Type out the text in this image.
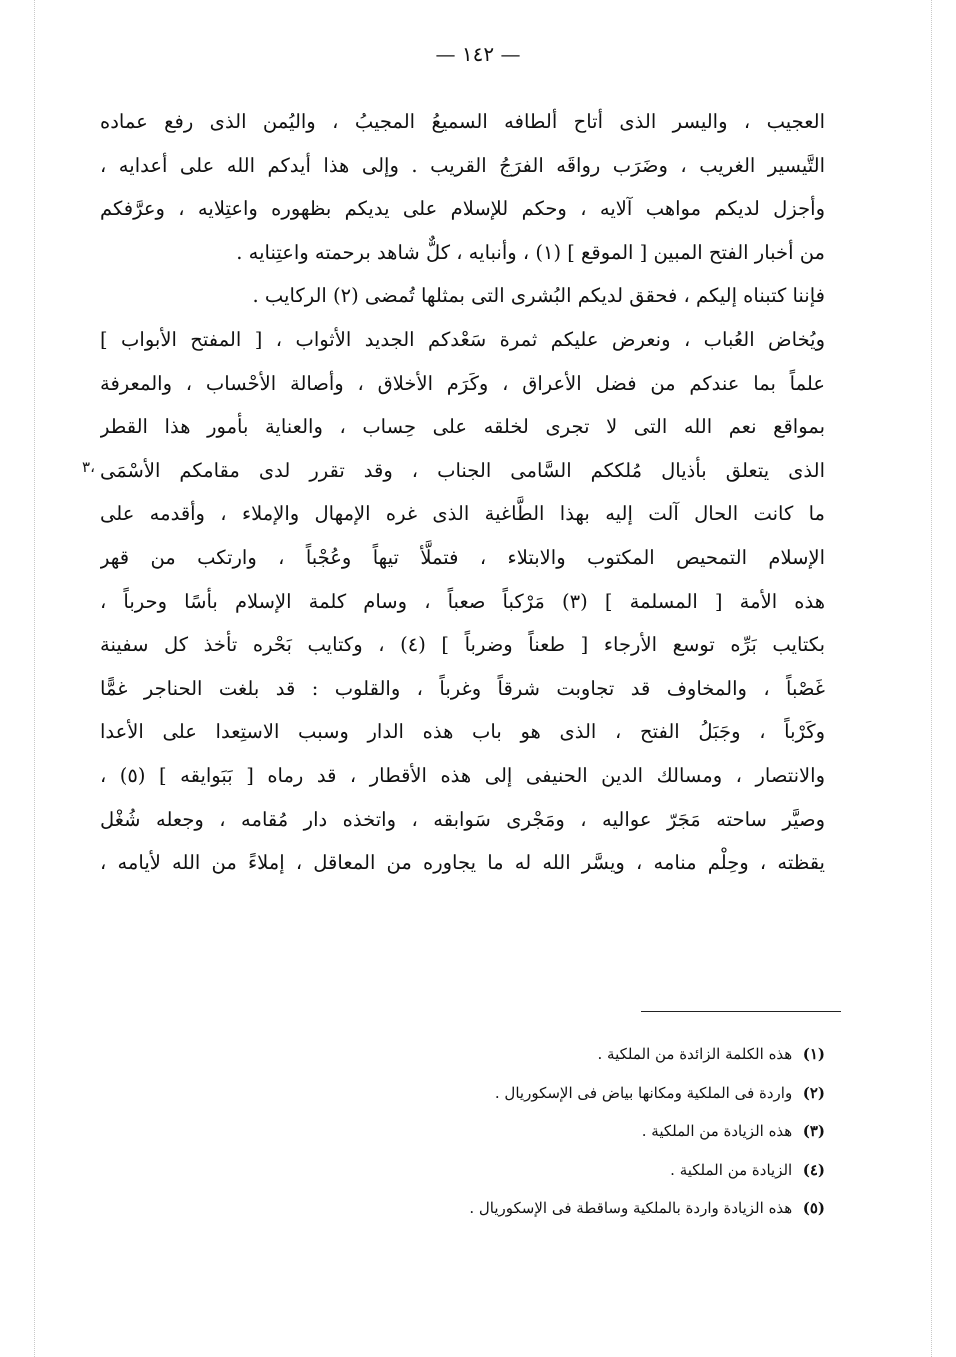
— ١٤٢ —
٣،
العجيب ، واليسر الذى أتاح ألطافه السميعُ المجيبُ ، واليُمن الذى رفع عماده
التَّيسير الغريب ، وضَرَب رواقَه الفرَجُ القريب . وإلى هذا أيدكم الله على أعدايه ،
وأجزل لديكم مواهب آلايه ، وحكم للإسلام على يديكم بظهوره واعتِلايه ، وعرَّفكم
من أخبار الفتح المبين [ الموقع ] (١) ، وأنبايه ، كلٌّ شاهد برحمته واعتِنايه .
فإننا كتبناه إليكم ، فحقق لديكم البُشرى التى بمثلها تُمضى (٢) الركايب .
ويُخاض العُباب ، ونعرض عليكم ثمرة سَعْدكم الجديد الأثواب ، [ المفتح الأبواب ]
علماً بما عندكم من فضل الأعراق ، وكَرَم الأخلاق ، وأصالة الأحْساب ، والمعرفة
بمواقع نعم الله التى لا تجرى لخلقه على حِساب ، والعناية بأمور هذا القطر
الذى يتعلق بأذيال مُلككم السَّامى الجناب ، وقد تقرر لدى مقامكم الأسْمَى
ما كانت الحال آلت إليه بهذا الطَّاغية الذى غره الإمهال والإملاء ، وأقدمه على
الإسلام التمحيص المكتوب والابتلاء ، فتملَّأ تيهاً وعُجْباً ، وارتكب من قهر
هذه الأمة [ المسلمة ] (٣) مَرْكباً صعباً ، وسام كلمة الإسلام بأسًا وحرباً ،
بكتايب بَرِّه توسع الأرجاء [ طعناً وضرباً ] (٤) ، وكتايب بَحْره تأخذ كل سفينة
غَصْباً ، والمخاوف قد تجاوبت شرقاً وغرباً ، والقلوب : قد بلغت الحناجر غمًّا
وكَرْباً ، وجَبَلُ الفتح ، الذى هو باب هذه الدار وسبب الاستِعدا على الأعدا
والانتصار ، ومسالك الدين الحنيفى إلى هذه الأقطار ، قد رماه [ بَبَوايقه ] (٥) ،
وصيَّر ساحته مَجَرّ عواليه ، ومَجْرى سَوابقه ، واتخذه دار مُقامه ، وجعله شُغْل
يقظته ، وحِلْم منامه ، ويسَّر الله له ما يجاوره من المعاقل ، إملاءً من الله لأيامه ،
(١) هذه الكلمة الزائدة من الملكية .
(٢) واردة فى الملكية ومكانها بياض فى الإسكوريال .
(٣) هذه الزيادة من الملكية .
(٤) الزيادة من الملكية .
(٥) هذه الزيادة واردة بالملكية وساقطة فى الإسكوريال .
